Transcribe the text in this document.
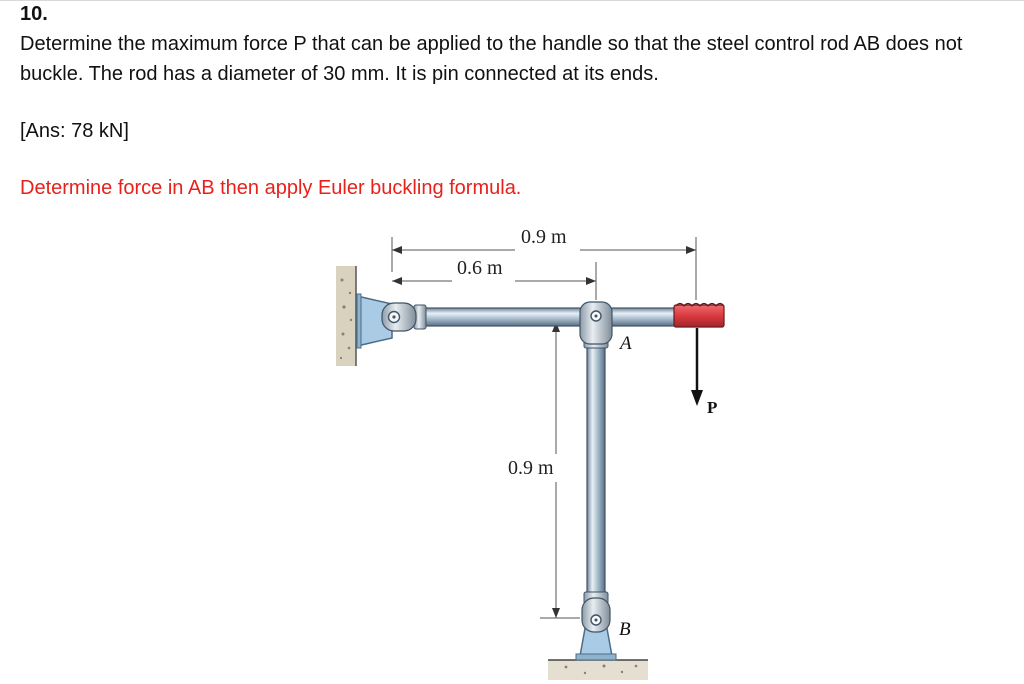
10.
Determine the maximum force P that can be applied to the handle so that the steel control rod AB does not buckle. The rod has a diameter of 30 mm. It is pin connected at its ends.
[Ans: 78 kN]
Determine force in AB then apply Euler buckling formula.
0.9 m
0.6 m
0.9 m
A
B
P
